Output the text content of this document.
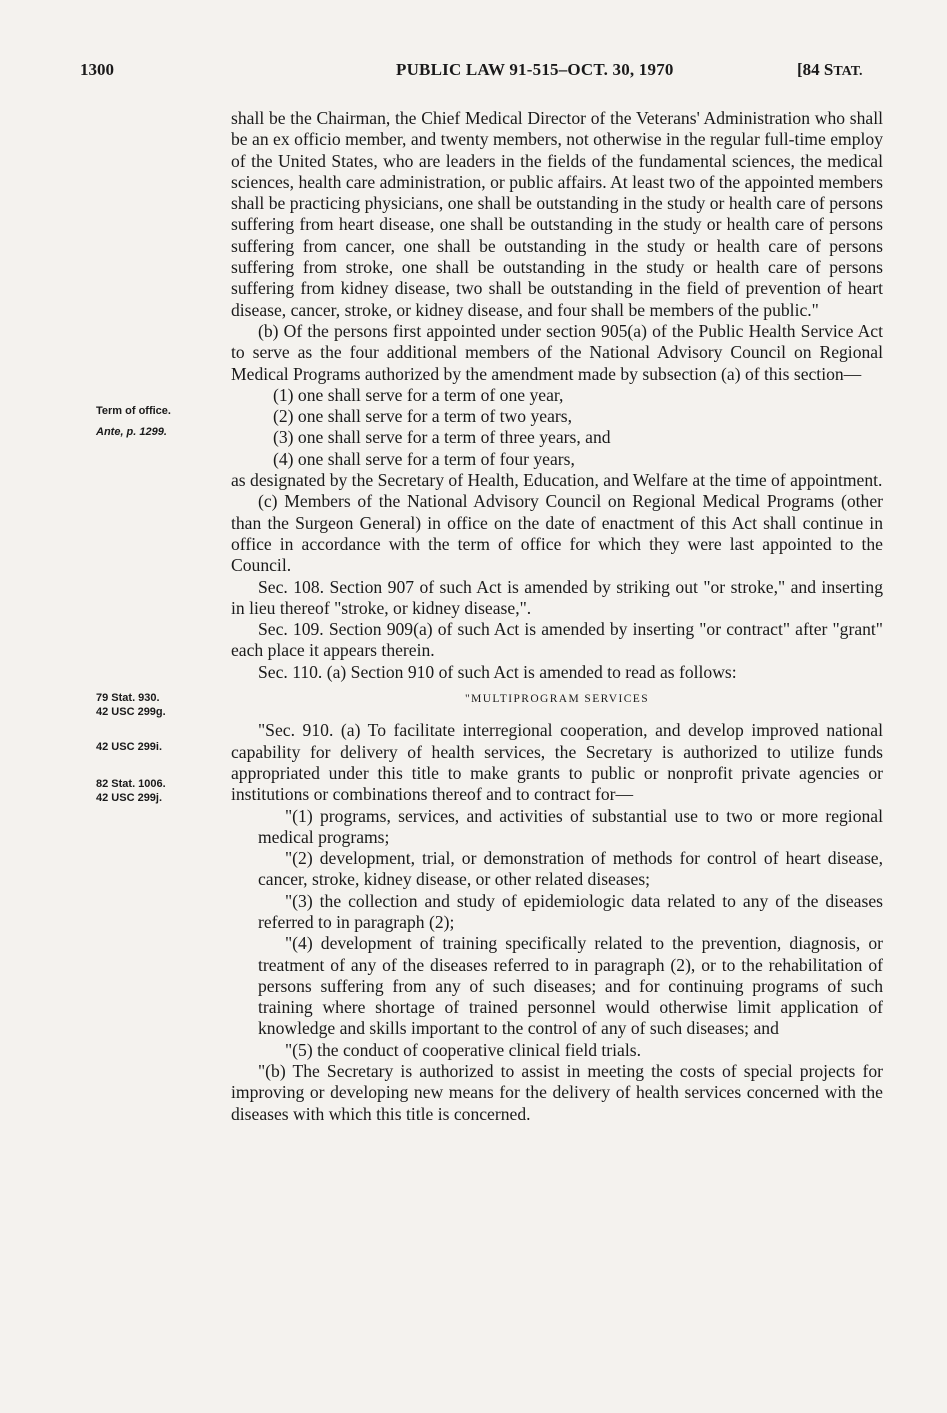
1300	PUBLIC LAW 91-515–OCT. 30, 1970	[84 STAT.
Term of office.
Ante, p. 1299.
79 Stat. 930.
42 USC 299g.
42 USC 299i.
82 Stat. 1006.
42 USC 299j.

shall be the Chairman, the Chief Medical Director of the Veterans' Administration who shall be an ex officio member, and twenty members, not otherwise in the regular full-time employ of the United States, who are leaders in the fields of the fundamental sciences, the medical sciences, health care administration, or public affairs. At least two of the appointed members shall be practicing physicians, one shall be outstanding in the study or health care of persons suffering from heart disease, one shall be outstanding in the study or health care of persons suffering from cancer, one shall be outstanding in the study or health care of persons suffering from stroke, one shall be outstanding in the study or health care of persons suffering from kidney disease, two shall be outstanding in the field of prevention of heart disease, cancer, stroke, or kidney disease, and four shall be members of the public."

(b) Of the persons first appointed under section 905(a) of the Public Health Service Act to serve as the four additional members of the National Advisory Council on Regional Medical Programs authorized by the amendment made by subsection (a) of this section—

(1) one shall serve for a term of one year,

(2) one shall serve for a term of two years,

(3) one shall serve for a term of three years, and

(4) one shall serve for a term of four years,

as designated by the Secretary of Health, Education, and Welfare at the time of appointment.

(c) Members of the National Advisory Council on Regional Medical Programs (other than the Surgeon General) in office on the date of enactment of this Act shall continue in office in accordance with the term of office for which they were last appointed to the Council.

Sec. 108. Section 907 of such Act is amended by striking out "or stroke," and inserting in lieu thereof "stroke, or kidney disease,".

Sec. 109. Section 909(a) of such Act is amended by inserting "or contract" after "grant" each place it appears therein.

Sec. 110. (a) Section 910 of such Act is amended to read as follows:

"MULTIPROGRAM SERVICES

"Sec. 910. (a) To facilitate interregional cooperation, and develop improved national capability for delivery of health services, the Secretary is authorized to utilize funds appropriated under this title to make grants to public or nonprofit private agencies or institutions or combinations thereof and to contract for—

"(1) programs, services, and activities of substantial use to two or more regional medical programs;

"(2) development, trial, or demonstration of methods for control of heart disease, cancer, stroke, kidney disease, or other related diseases;

"(3) the collection and study of epidemiologic data related to any of the diseases referred to in paragraph (2);

"(4) development of training specifically related to the prevention, diagnosis, or treatment of any of the diseases referred to in paragraph (2), or to the rehabilitation of persons suffering from any of such diseases; and for continuing programs of such training where shortage of trained personnel would otherwise limit application of knowledge and skills important to the control of any of such diseases; and

"(5) the conduct of cooperative clinical field trials.

"(b) The Secretary is authorized to assist in meeting the costs of special projects for improving or developing new means for the delivery of health services concerned with the diseases with which this title is concerned.
